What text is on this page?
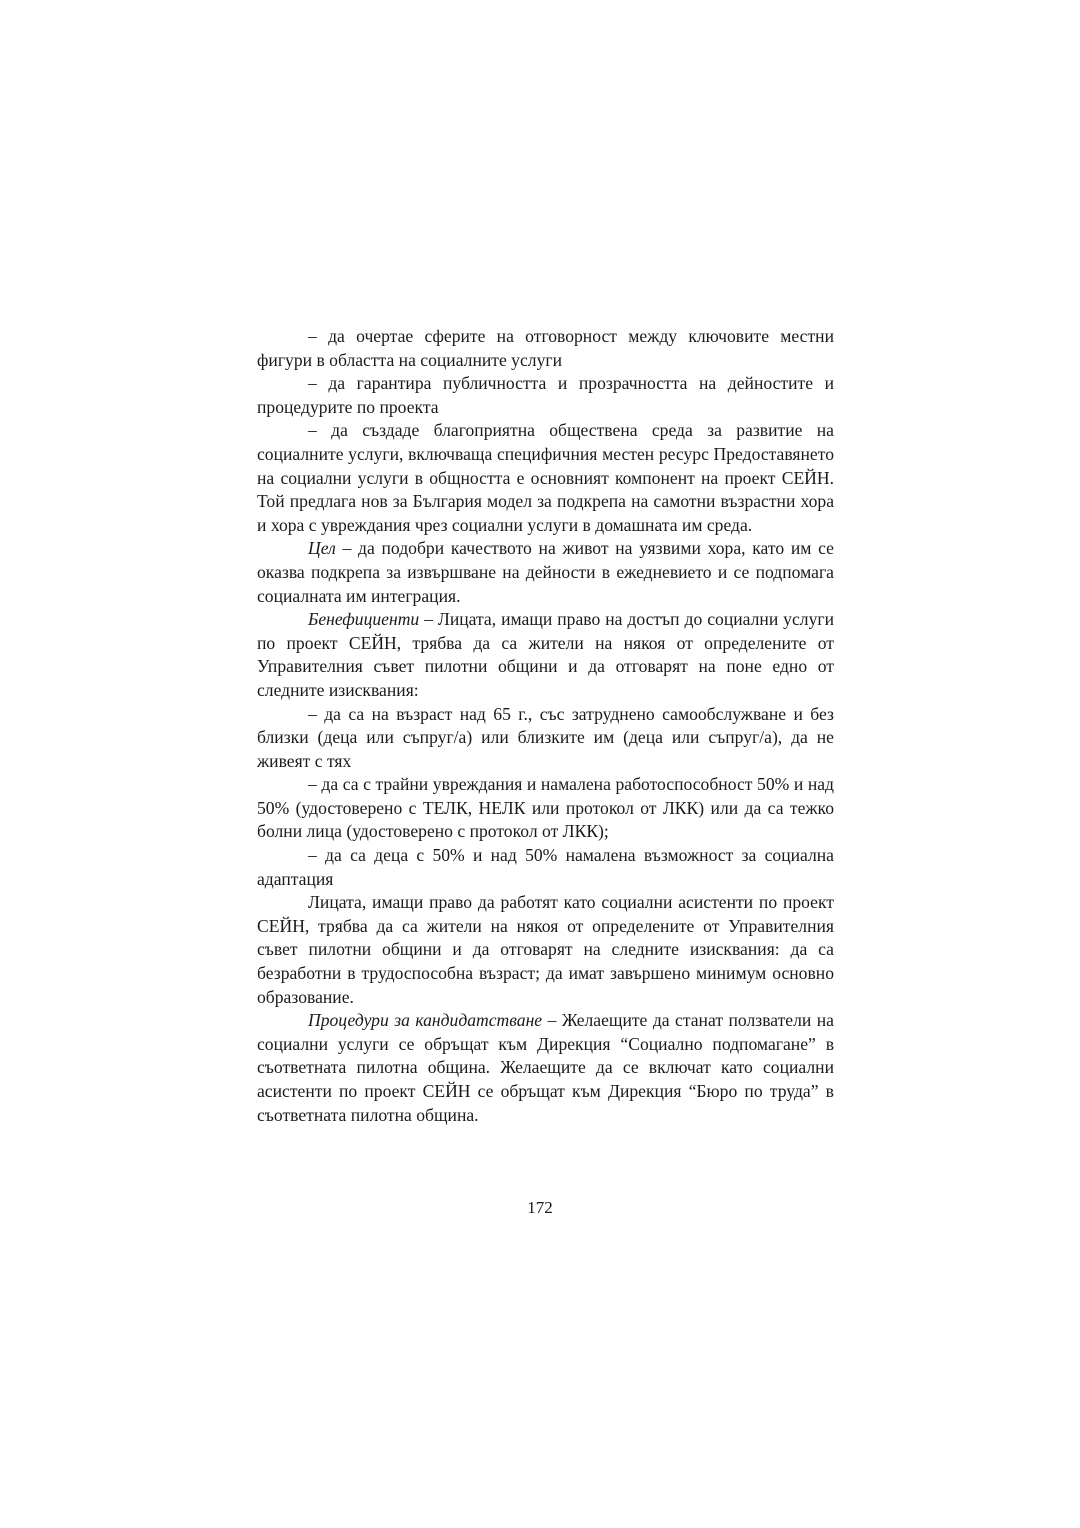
– да очертае сферите на отговорност между ключовите местни фигури в областта на социалните услуги

– да гарантира публичността и прозрачността на дейностите и процедурите по проекта

– да създаде благоприятна обществена среда за развитие на социалните услуги, включваща специфичния местен ресурс Предоставянето на социални услуги в общността е основният компонент на проект СЕЙН. Той предлага нов за България модел за подкрепа на самотни възрастни хора и хора с увреждания чрез социални услуги в домашната им среда.

Цел – да подобри качеството на живот на уязвими хора, като им се оказва подкрепа за извършване на дейности в ежедневието и се подпомага социалната им интеграция.

Бенефициенти – Лицата, имащи право на достъп до социални услуги по проект СЕЙН, трябва да са жители на някоя от определените от Управителния съвет пилотни общини и да отговарят на поне едно от следните изисквания:

– да са на възраст над 65 г., със затруднено самообслужване и без близки (деца или съпруг/а) или близките им (деца или съпруг/а), да не живеят с тях

– да са с трайни увреждания и намалена работоспособност 50% и над 50% (удостоверено с ТЕЛК, НЕЛК или протокол от ЛКК) или да са тежко болни лица (удостоверено с протокол от ЛКК);

– да са деца с 50% и над 50% намалена възможност за социална адаптация

Лицата, имащи право да работят като социални асистенти по проект СЕЙН, трябва да са жители на някоя от определените от Управителния съвет пилотни общини и да отговарят на следните изисквания: да са безработни в трудоспособна възраст; да имат завършено минимум основно образование.

Процедури за кандидатстване – Желаещите да станат ползватели на социални услуги се обръщат към Дирекция “Социално подпомагане” в съответната пилотна община. Желаещите да се включат като социални асистенти по проект СЕЙН се обръщат към Дирекция “Бюро по труда” в съответната пилотна община.

172
